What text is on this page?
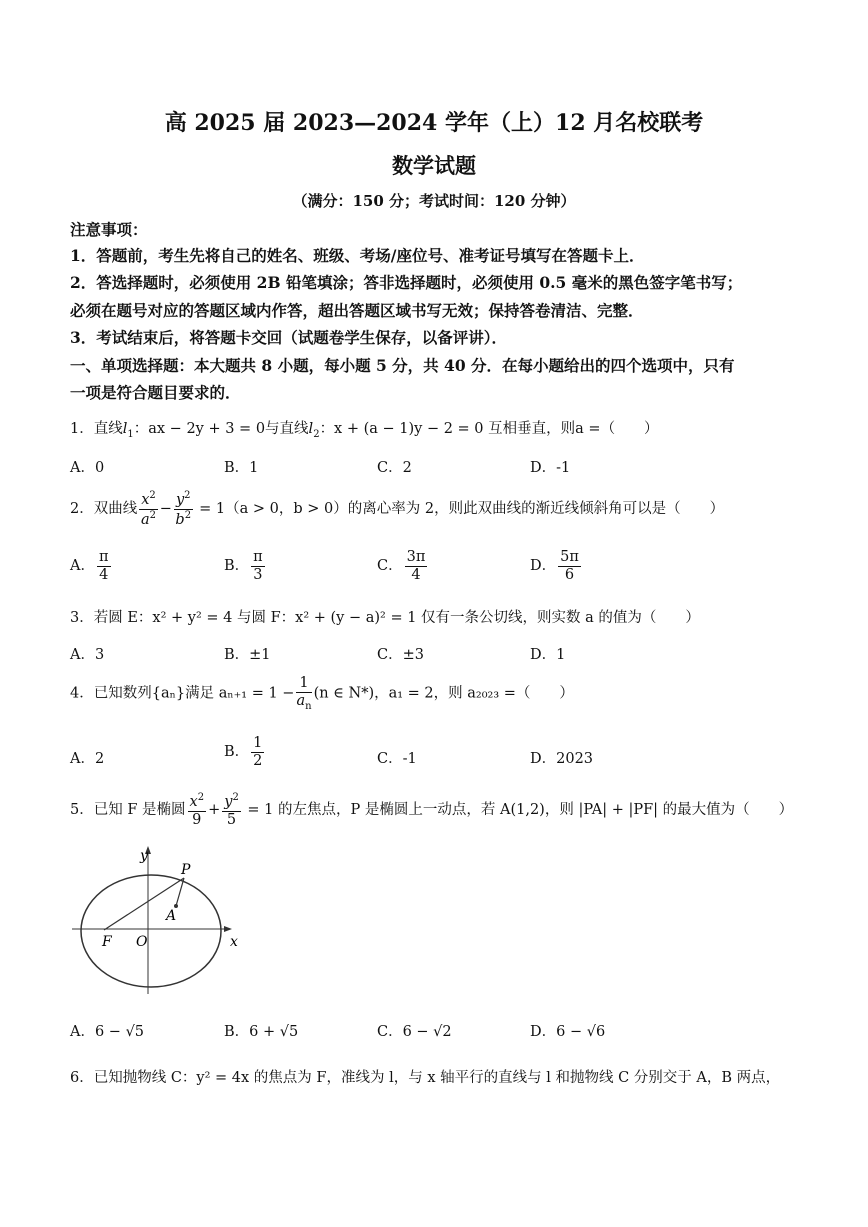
高 2025 届 2023—2024 学年（上）12 月名校联考
数学试题
（满分：150 分；考试时间：120 分钟）
注意事项：
1．答题前，考生先将自己的姓名、班级、考场/座位号、准考证号填写在答题卡上．
2．答选择题时，必须使用 2B 铅笔填涂；答非选择题时，必须使用 0.5 毫米的黑色签字笔书写；
必须在题号对应的答题区域内作答，超出答题区域书写无效；保持答卷清洁、完整．
3．考试结束后，将答题卡交回（试题卷学生保存，以备评讲）．
一、单项选择题：本大题共 8 小题，每小题 5 分，共 40 分．在每小题给出的四个选项中，只有
一项是符合题目要求的．
1．直线$l_1$：ax − 2y + 3 = 0与直线$l_2$：x + (a − 1)y − 2 = 0 互相垂直，则a =（　　）
A．0	B．1	C．2	D．-1
2．双曲线 $\frac{x^2}{a^2} - \frac{y^2}{b^2} = 1(a > 0$，b > 0）的离心率为 2，则此双曲线的渐近线倾斜角可以是（　　）
A． $\frac{\pi}{4}$	B． $\frac{\pi}{3}$	C． $\frac{3\pi}{4}$	D． $\frac{5\pi}{6}$
3．若圆 E：x² + y² = 4 与圆 F：x² + (y − a)² = 1 仅有一条公切线，则实数 a 的值为（　　）
A．3	B．±1	C．±3	D．1
4．已知数列{aₙ}满足 $a_{n+1} = 1 - \frac{1}{a_n} (n$ ∈ N*)，a₁ = 2，则 a₂₀₂₃ =（　　）
A．2	B． $\frac{1}{2}$	C．-1	D．2023
5．已知 F 是椭圆 $\frac{x^2}{9} + \frac{y^2}{5} = 1$ 的左焦点，P 是椭圆上一动点，若 A(1,2)，则 |PA| + |PF| 的最大值为（　　）
y
x
P
A
F O
A．6 − √5	B．6 + √5	C．6 − √2	D．6 − √6
6．已知抛物线 C：y² = 4x 的焦点为 F，准线为 l，与 x 轴平行的直线与 l 和抛物线 C 分别交于 A，B 两点，
